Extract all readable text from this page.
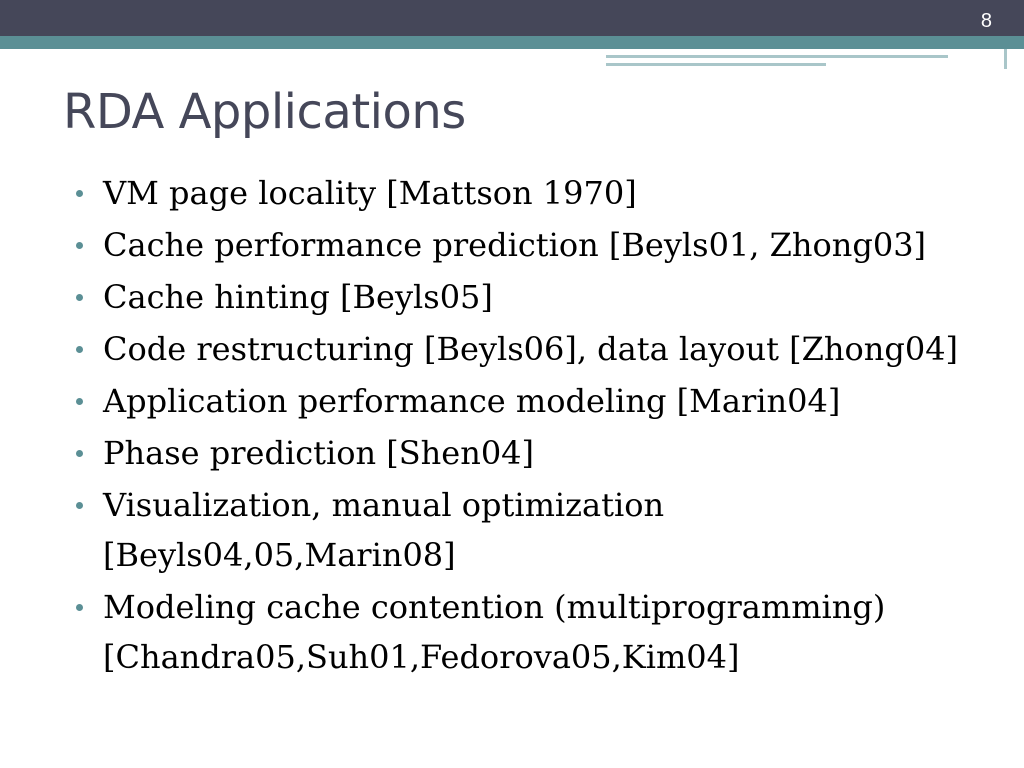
8
RDA Applications
VM page locality [Mattson 1970]
Cache performance prediction [Beyls01, Zhong03]
Cache hinting [Beyls05]
Code restructuring [Beyls06], data layout [Zhong04]
Application performance modeling [Marin04]
Phase prediction [Shen04]
Visualization, manual optimization [Beyls04,05,Marin08]
Modeling cache contention (multiprogramming) [Chandra05,Suh01,Fedorova05,Kim04]
